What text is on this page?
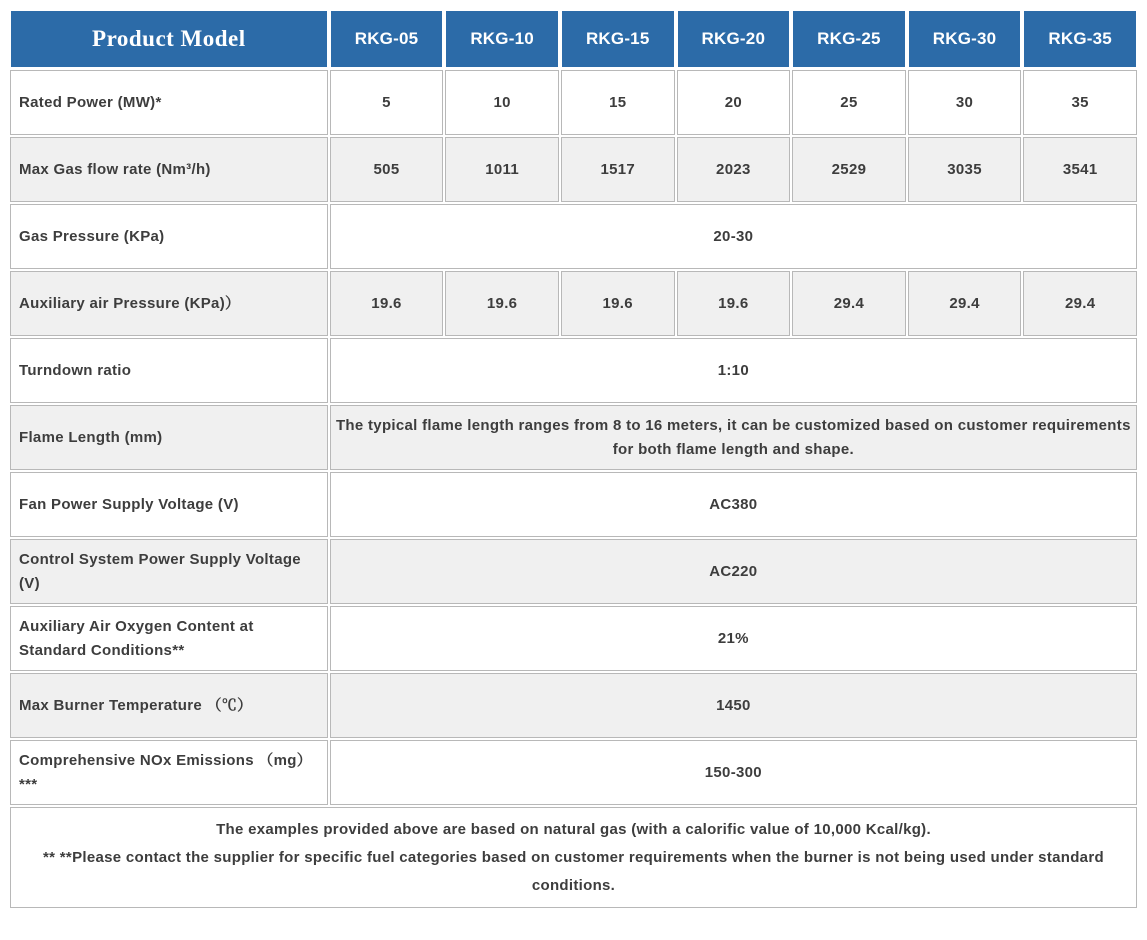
Product Model	RKG-05	RKG-10	RKG-15	RKG-20	RKG-25	RKG-30	RKG-35
Rated Power (MW)*	5	10	15	20	25	30	35
Max Gas flow rate (Nm³/h)	505	1011	1517	2023	2529	3035	3541
Gas Pressure (KPa)	20-30						
Auxiliary air Pressure (KPa)）	19.6	19.6	19.6	19.6	29.4	29.4	29.4
Turndown ratio	1:10						
Flame Length (mm)	The typical flame length ranges from 8 to 16 meters, it can be customized based on customer requirements for both flame length and shape.						
Fan Power Supply Voltage (V)	AC380						
Control System Power Supply Voltage (V)	AC220						
Auxiliary Air Oxygen Content at Standard Conditions**	21%						
Max Burner Temperature （℃）	1450						
Comprehensive NOx Emissions （mg） ***	150-300						

The examples provided above are based on natural gas (with a calorific value of 10,000 Kcal/kg).
** **Please contact the supplier for specific fuel categories based on customer requirements when the burner is not being used under standard conditions.							
